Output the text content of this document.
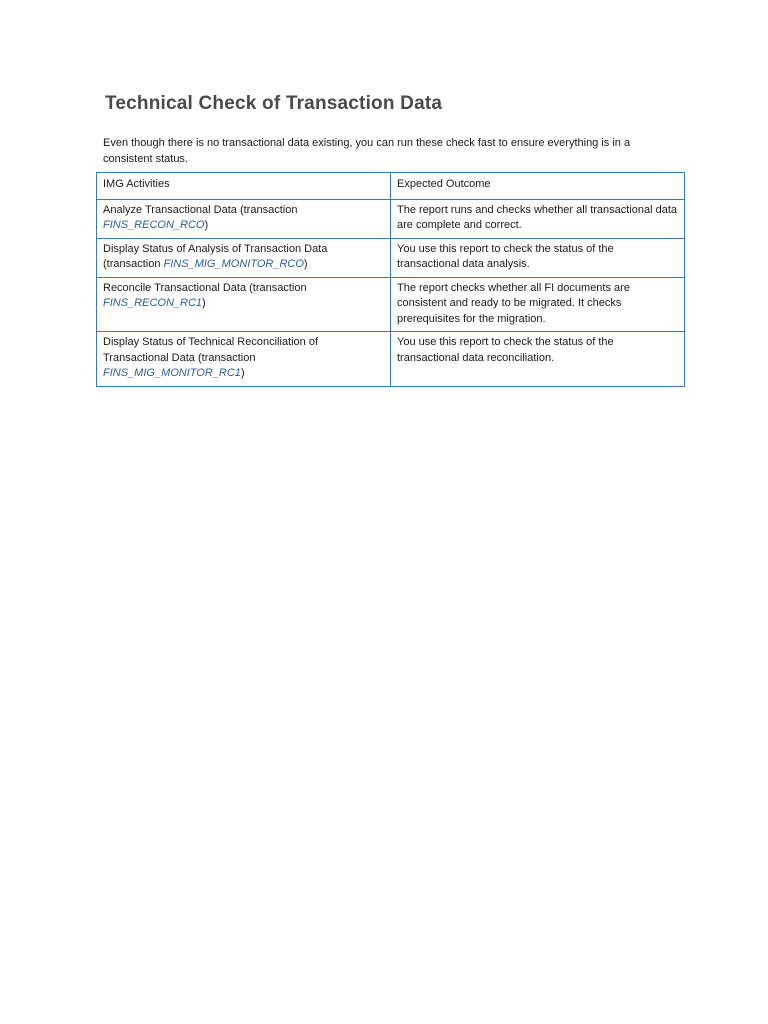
Technical Check of Transaction Data

Even though there is no transactional data existing, you can run these check fast to ensure everything is in a consistent status.

IMG Activities	Expected Outcome
Analyze Transactional Data (transaction FINS_RECON_RCO)	The report runs and checks whether all transactional data are complete and correct.
Display Status of Analysis of Transaction Data (transaction FINS_MIG_MONITOR_RCO)	You use this report to check the status of the transactional data analysis.
Reconcile Transactional Data (transaction FINS_RECON_RC1)	The report checks whether all FI documents are consistent and ready to be migrated. It checks prerequisites for the migration.
Display Status of Technical Reconciliation of Transactional Data (transaction FINS_MIG_MONITOR_RC1)	You use this report to check the status of the transactional data reconciliation.
